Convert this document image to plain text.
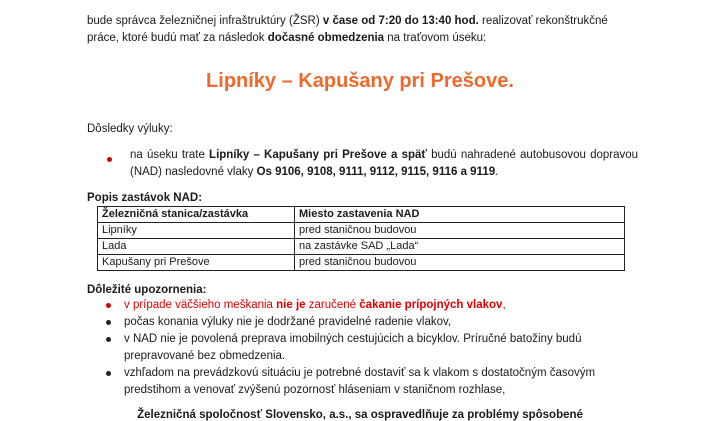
bude správca železničnej infraštruktúry (ŽSR) v čase od 7:20 do 13:40 hod. realizovať rekonštrukčné
práce, ktoré budú mať za následok dočasné obmedzenia na traťovom úseku:
Lipníky – Kapušany pri Prešove.
Dôsledky výluky:
na úseku trate Lipníky – Kapušany pri Prešove a späť budú nahradené autobusovou dopravou (NAD) nasledovné vlaky Os 9106, 9108, 9111, 9112, 9115, 9116 a 9119.
Popis zastávok NAD:
Železničná stanica/zastávka	Miesto zastavenia NAD
Lipníky	pred staničnou budovou
Lada	na zastávke SAD „Lada“
Kapušany pri Prešove	pred staničnou budovou
Dôležité upozornenia:
v prípade väčšieho meškania nie je zaručené čakanie prípojných vlakov,
počas konania výluky nie je dodržané pravidelné radenie vlakov,
v NAD nie je povolená preprava imobilných cestujúcich a bicyklov. Príručné batožiny budú prepravované bez obmedzenia.
vzhľadom na prevádzkovú situáciu je potrebné dostaviť sa k vlakom s dostatočným časovým predstihom a venovať zvýšenú pozornosť hláseniam v staničnom rozhlase,
Železničná spoločnosť Slovensko, a.s., sa ospravedlňuje za problémy spôsobené
